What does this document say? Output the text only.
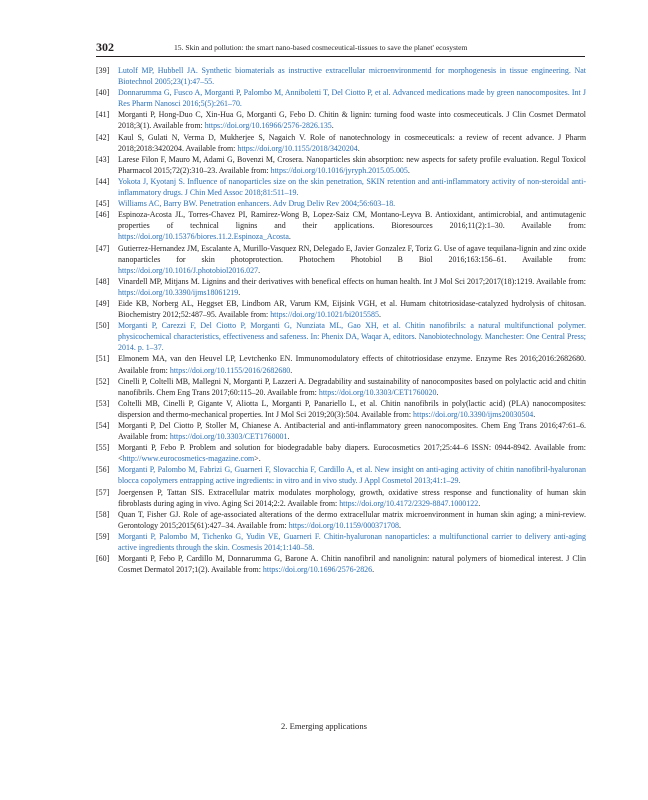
302	15. Skin and pollution: the smart nano-based cosmeceutical-tissues to save the planet' ecosystem
[39] Lutolf MP, Hubbell JA. Synthetic biomaterials as instructive extracellular microenvironmentd for morphogenesis in tissue engineering. Nat Biotechnol 2005;23(1):47–55.
[40] Donnarumma G, Fusco A, Morganti P, Palombo M, Anniboletti T, Del Ciotto P, et al. Advanced medications made by green nanocomposites. Int J Res Pharm Nanosci 2016;5(5):261–70.
[41] Morganti P, Hong-Duo C, Xin-Hua G, Morganti G, Febo D. Chitin & lignin: turning food waste into cosmeceuticals. J Clin Cosmet Dermatol 2018;3(1). Available from: https://doi.org/10.16966/2576-2826.135.
[42] Kaul S, Gulati N, Verma D, Mukherjee S, Nagaich V. Role of nanotechnology in cosmeceuticals: a review of recent advance. J Pharm 2018;2018:3420204. Available from: https://doi.org/10.1155/2018/3420204.
[43] Larese Filon F, Mauro M, Adami G, Bovenzi M, Crosera. Nanoparticles skin absorption: new aspects for safety profile evaluation. Regul Toxicol Pharmacol 2015;72(2):310–23. Available from: https://doi.org/10.1016/jyryph.2015.05.005.
[44] Yokota J, Kyotanj S. Influence of nanoparticles size on the skin penetration, SKIN retention and anti-inflammatory activity of non-steroidal anti-inflammatory drugs. J Chin Med Assoc 2018;81:511–19.
[45] Williams AC, Barry BW. Penetration enhancers. Adv Drug Deliv Rev 2004;56:603–18.
[46] Espinoza-Acosta JL, Torres-Chavez PI, Ramirez-Wong B, Lopez-Saiz CM, Montano-Leyva B. Antioxidant, antimicrobial, and antimutagenic properties of technical lignins and their applications. Bioresources 2016;11(2):1–30. Available from: https://doi.org/10.15376/biores.11.2.Espinoza_Acosta.
[47] Gutierrez-Hernandez JM, Escalante A, Murillo-Vasquez RN, Delegado E, Javier Gonzalez F, Toriz G. Use of agave tequilana-lignin and zinc oxide nanoparticles for skin photoprotection. Photochem Photobiol B Biol 2016;163:156–61. Available from: https://doi.org/10.1016/J.photobiol2016.027.
[48] Vinardell MP, Mitjans M. Lignins and their derivatives with benefical effects on human health. Int J Mol Sci 2017;2017(18):1219. Available from: https://doi.org/10.3390/ijms18061219.
[49] Eide KB, Norberg AL, Heggset EB, Lindbom AR, Varum KM, Eijsink VGH, et al. Humam chitotriosidase-catalyzed hydrolysis of chitosan. Biochemistry 2012;52:487–95. Available from: https://doi.org/10.1021/bi2015585.
[50] Morganti P, Carezzi F, Del Ciotto P, Morganti G, Nunziata ML, Gao XH, et al. Chitin nanofibrils: a natural multifunctional polymer. physicochemical characteristics, effectiveness and safeness. In: Phenix DA, Waqar A, editors. Nanobiotechnology. Manchester: One Central Press; 2014. p. 1–37.
[51] Elmonem MA, van den Heuvel LP, Levtchenko EN. Immunomodulatory effects of chitotriosidase enzyme. Enzyme Res 2016;2016:2682680. Available from: https://doi.org/10.1155/2016/2682680.
[52] Cinelli P, Coltelli MB, Mallegni N, Morganti P, Lazzeri A. Degradability and sustainability of nanocomposites based on polylactic acid and chitin nanofibrils. Chem Eng Trans 2017;60:115–20. Available from: https://doi.org/10.3303/CET1760020.
[53] Coltelli MB, Cinelli P, Gigante V, Aliotta L, Morganti P, Panariello L, et al. Chitin nanofibrils in poly(lactic acid) (PLA) nanocomposites: dispersion and thermo-mechanical properties. Int J Mol Sci 2019;20(3):504. Available from: https://doi.org/10.3390/ijms20030504.
[54] Morganti P, Del Ciotto P, Stoller M, Chianese A. Antibacterial and anti-inflammatory green nanocomposites. Chem Eng Trans 2016;47:61–6. Available from: https://doi.org/10.3303/CET1760001.
[55] Morganti P, Febo P. Problem and solution for biodegradable baby diapers. Eurocosmetics 2017;25:44–6 ISSN: 0944-8942. Available from: <http://www.eurocosmetics-magazine.com>.
[56] Morganti P, Palombo M, Fabrizi G, Guarneri F, Slovacchia F, Cardillo A, et al. New insight on anti-aging activity of chitin nanofibril-hyaluronan blocca copolymers entrapping active ingredients: in vitro and in vivo study. J Appl Cosmetol 2013;41:1–29.
[57] Joergensen P, Tattan SIS. Extracellular matrix modulates morphology, growth, oxidative stress response and functionality of human skin fibroblasts during aging in vivo. Aging Sci 2014;2:2. Available from: https://doi.org/10.4172/2329-8847.1000122.
[58] Quan T, Fisher GJ. Role of age-associated alterations of the dermo extracellular matrix microenvironment in human skin aging; a mini-review. Gerontology 2015;2015(61):427–34. Available from: https://doi.org/10.1159/000371708.
[59] Morganti P, Palombo M, Tichenko G, Yudin VE, Guarneri F. Chitin-hyaluronan nanoparticles: a multifunctional carrier to delivery anti-aging active ingredients through the skin. Cosmesis 2014;1:140–58.
[60] Morganti P, Febo P, Cardillo M, Donnarumma G, Barone A. Chitin nanofibril and nanolignin: natural polymers of biomedical interest. J Clin Cosmet Dermatol 2017;1(2). Available from: https://doi.org/10.1696/2576-2826.
2. Emerging applications
